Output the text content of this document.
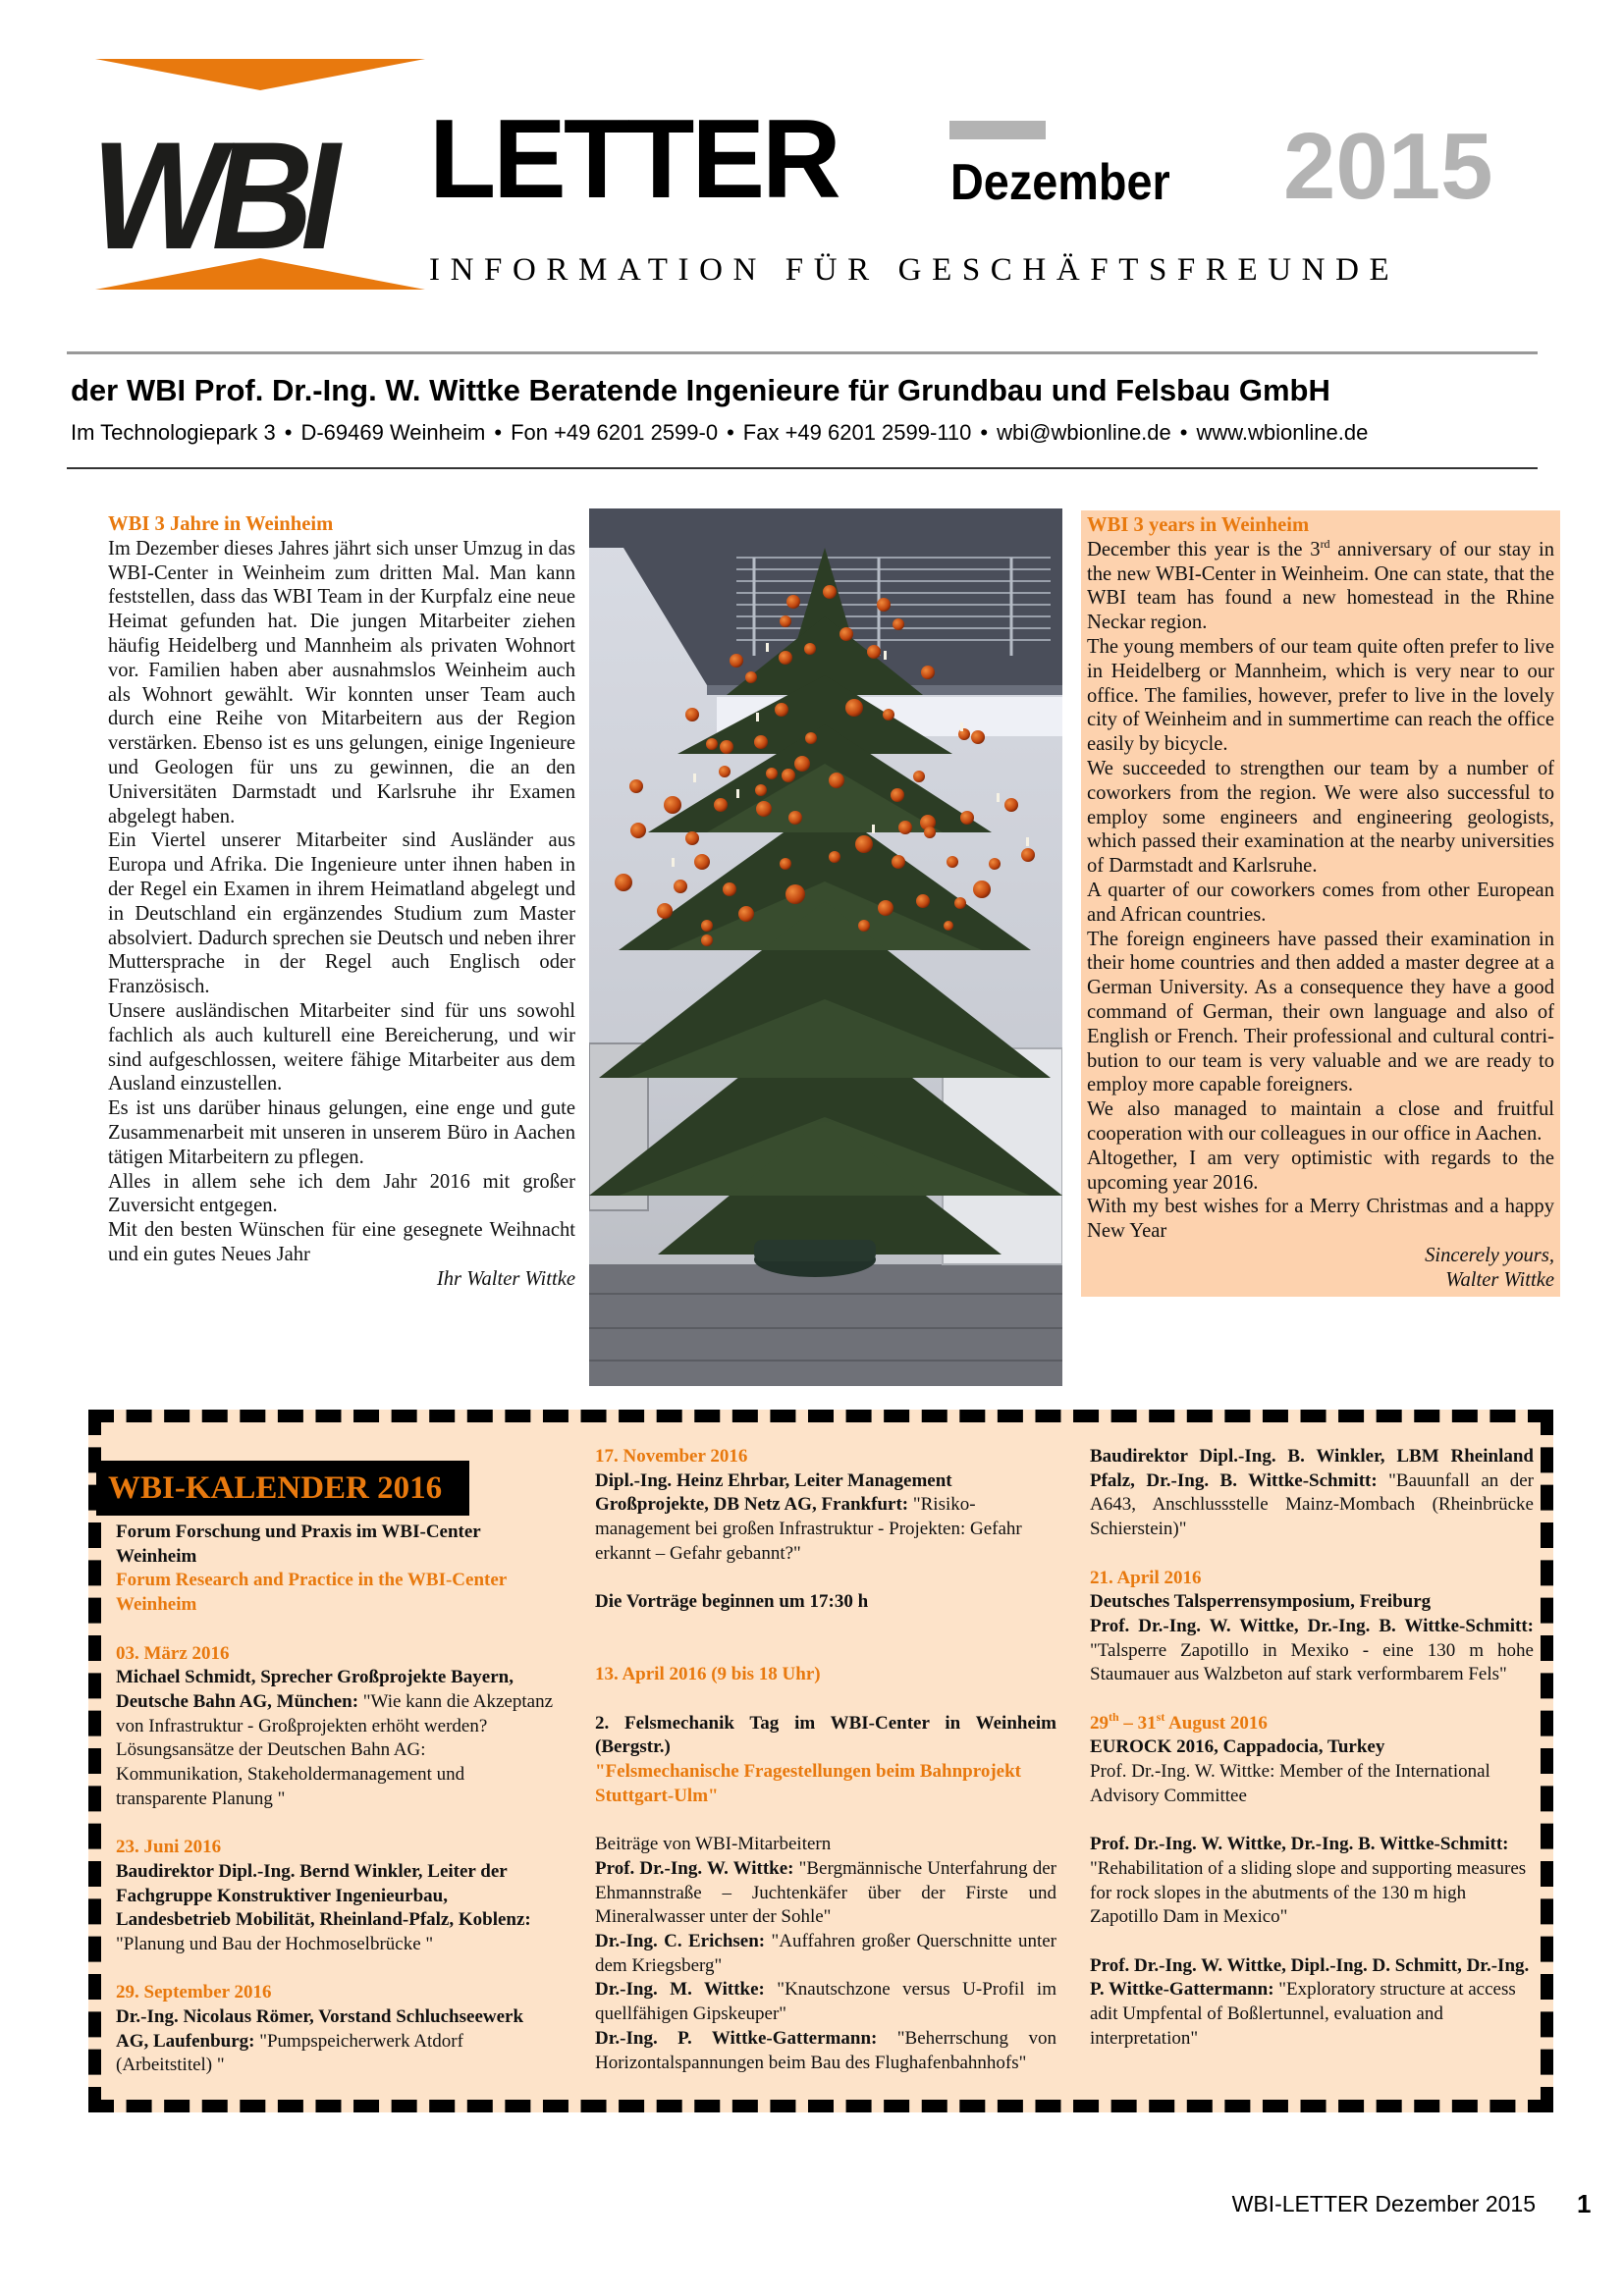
WBI LETTER Dezember 2015
INFORMATION FÜR GESCHÄFTSFREUNDE
der WBI Prof. Dr.-Ing. W. Wittke Beratende Ingenieure für Grundbau und Felsbau GmbH
Im Technologiepark 3 • D-69469 Weinheim • Fon +49 6201 2599-0 • Fax +49 6201 2599-110 • wbi@wbionline.de • www.wbionline.de

WBI 3 Jahre in Weinheim

Im Dezember dieses Jahres jährt sich unser Umzug in das WBI-Center in Weinheim zum dritten Mal. Man kann feststellen, dass das WBI Team in der Kurpfalz eine neue Heimat gefunden hat. Die jungen Mitarbeiter ziehen häufig Heidelberg und Mannheim als privaten Wohnort vor. Familien haben aber ausnahmslos Weinheim auch als Wohnort gewählt. Wir konnten unser Team auch durch eine Reihe von Mitarbeitern aus der Region verstärken. Ebenso ist es uns gelungen, einige Ingenieure und Geologen für uns zu gewinnen, die an den Universitäten Darmstadt und Karlsruhe ihr Examen abgelegt haben.

Ein Viertel unserer Mitarbeiter sind Ausländer aus Europa und Afrika. Die Ingenieure unter ihnen haben in der Regel ein Examen in ihrem Heimatland abgelegt und in Deutschland ein ergänzendes Studium zum Master absolviert. Dadurch sprechen sie Deutsch und neben ihrer Muttersprache in der Regel auch Englisch oder Französisch.

Unsere ausländischen Mitarbeiter sind für uns sowohl fachlich als auch kulturell eine Bereicherung, und wir sind aufgeschlossen, weitere fähige Mitarbeiter aus dem Ausland einzustellen.

Es ist uns darüber hinaus gelungen, eine enge und gute Zusammenarbeit mit unseren in unserem Büro in Aachen tätigen Mitarbeitern zu pflegen.

Alles in allem sehe ich dem Jahr 2016 mit großer Zuversicht entgegen.

Mit den besten Wünschen für eine gesegnete Weihnacht und ein gutes Neues Jahr

Ihr Walter Wittke

WBI 3 years in Weinheim

December this year is the 3rd anniversary of our stay in the new WBI-Center in Weinheim. One can state, that the WBI team has found a new homestead in the Rhine Neckar region.

The young members of our team quite often prefer to live in Heidelberg or Mannheim, which is very near to our office. The families, however, prefer to live in the lovely city of Weinheim and in summertime can reach the office easily by bicycle.

We succeeded to strengthen our team by a number of coworkers from the region. We were also successful to employ some engineers and engineering geologists, which passed their examination at the nearby universities of Darmstadt and Karlsruhe.

A quarter of our coworkers comes from other European and African countries.

The foreign engineers have passed their examination in their home countries and then added a master degree at a German University. As a consequence they have a good command of German, their own language and also of English or French. Their professional and cultural contribution to our team is very valuable and we are ready to employ more capable foreigners.

We also managed to maintain a close and fruitful cooperation with our colleagues in our office in Aachen.

Altogether, I am very optimistic with regards to the upcoming year 2016.

With my best wishes for a Merry Christmas and a happy New Year

Sincerely yours,

Walter Wittke

WBI-KALENDER 2016
Forum Forschung und Praxis im WBI-Center Weinheim
Forum Research and Practice in the WBI-Center Weinheim
03. März 2016
Michael Schmidt, Sprecher Großprojekte Bayern, Deutsche Bahn AG, München: "Wie kann die Akzeptanz von Infrastruktur - Großprojekten erhöht werden? Lösungsansätze der Deutschen Bahn AG: Kommunikation, Stakeholdermanagement und transparente Planung "
23. Juni 2016
Baudirektor Dipl.-Ing. Bernd Winkler, Leiter der Fachgruppe Konstruktiver Ingenieurbau, Landesbetrieb Mobilität, Rheinland-Pfalz, Koblenz: "Planung und Bau der Hochmoselbrücke "
29. September 2016
Dr.-Ing. Nicolaus Römer, Vorstand Schluchseewerk AG, Laufenburg: "Pumpspeicherwerk Atdorf (Arbeitstitel) "
17. November 2016
Dipl.-Ing. Heinz Ehrbar, Leiter Management Großprojekte, DB Netz AG, Frankfurt: "Risikomanagement bei großen Infrastruktur - Projekten: Gefahr erkannt – Gefahr gebannt?"
Die Vorträge beginnen um 17:30 h
13. April 2016 (9 bis 18 Uhr)
2. Felsmechanik Tag im WBI-Center in Weinheim (Bergstr.)
"Felsmechanische Fragestellungen beim Bahnprojekt Stuttgart-Ulm"
Beiträge von WBI-Mitarbeitern
Prof. Dr.-Ing. W. Wittke: "Bergmännische Unterfahrung der Ehmannstraße – Juchtenkäfer über der Firste und Mineralwasser unter der Sohle"
Dr.-Ing. C. Erichsen: "Auffahren großer Querschnitte unter dem Kriegsberg"
Dr.-Ing. M. Wittke: "Knautschzone versus U-Profil im quellfähigen Gipskeuper"
Dr.-Ing. P. Wittke-Gattermann: "Beherrschung von Horizontalspannungen beim Bau des Flughafenbahnhofs"
Baudirektor Dipl.-Ing. B. Winkler, LBM Rheinland Pfalz, Dr.-Ing. B. Wittke-Schmitt: "Bauunfall an der A643, Anschlussstelle Mainz-Mombach (Rheinbrücke Schierstein)"
21. April 2016
Deutsches Talsperrensymposium, Freiburg
Prof. Dr.-Ing. W. Wittke, Dr.-Ing. B. Wittke-Schmitt: "Talsperre Zapotillo in Mexiko - eine 130 m hohe Staumauer aus Walzbeton auf stark verformbarem Fels"
29th – 31st August 2016
EUROCK 2016, Cappadocia, Turkey
Prof. Dr.-Ing. W. Wittke: Member of the International Advisory Committee
Prof. Dr.-Ing. W. Wittke, Dr.-Ing. B. Wittke-Schmitt: "Rehabilitation of a sliding slope and supporting measures for rock slopes in the abutments of the 130 m high Zapotillo Dam in Mexico"
Prof. Dr.-Ing. W. Wittke, Dipl.-Ing. D. Schmitt, Dr.-Ing. P. Wittke-Gattermann: "Exploratory structure at access adit Umpfental of Boßlertunnel, evaluation and interpretation"
WBI-LETTER Dezember 2015 1
